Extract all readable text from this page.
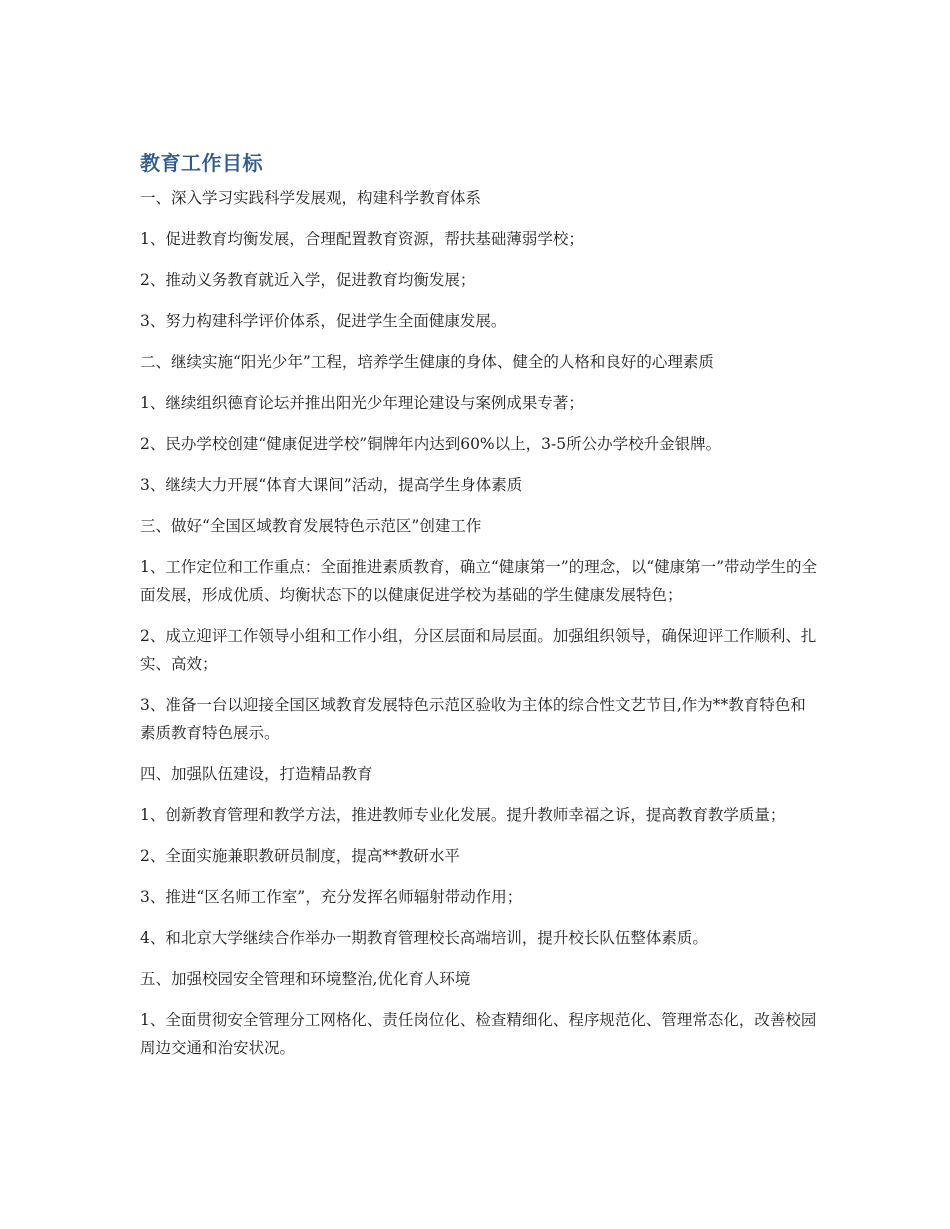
教育工作目标

一、深入学习实践科学发展观，构建科学教育体系

1、促进教育均衡发展，合理配置教育资源，帮扶基础薄弱学校；

2、推动义务教育就近入学，促进教育均衡发展；

3、努力构建科学评价体系，促进学生全面健康发展。

二、继续实施“阳光少年”工程，培养学生健康的身体、健全的人格和良好的心理素质

1、继续组织德育论坛并推出阳光少年理论建设与案例成果专著；

2、民办学校创建“健康促进学校”铜牌年内达到60%以上，3-5所公办学校升金银牌。

3、继续大力开展“体育大课间”活动，提高学生身体素质

三、做好“全国区域教育发展特色示范区”创建工作

1、工作定位和工作重点：全面推进素质教育，确立“健康第一”的理念，以“健康第一”带动学生的全面发展，形成优质、均衡状态下的以健康促进学校为基础的学生健康发展特色；

2、成立迎评工作领导小组和工作小组，分区层面和局层面。加强组织领导，确保迎评工作顺利、扎实、高效；

3、准备一台以迎接全国区域教育发展特色示范区验收为主体的综合性文艺节目,作为**教育特色和素质教育特色展示。

四、加强队伍建设，打造精品教育

1、创新教育管理和教学方法，推进教师专业化发展。提升教师幸福之诉，提高教育教学质量；

2、全面实施兼职教研员制度，提高**教研水平

3、推进“区名师工作室”，充分发挥名师辐射带动作用；

4、和北京大学继续合作举办一期教育管理校长高端培训，提升校长队伍整体素质。

五、加强校园安全管理和环境整治,优化育人环境

1、全面贯彻安全管理分工网格化、责任岗位化、检查精细化、程序规范化、管理常态化，改善校园周边交通和治安状况。
